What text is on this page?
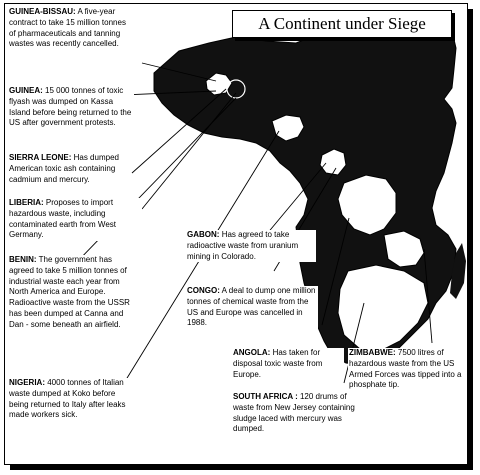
A Continent under Siege
GUINEA-BISSAU: A five-year contract to take 15 million tonnes of pharmaceuticals and tanning wastes was recently cancelled.
GUINEA: 15 000 tonnes of toxic flyash was dumped on Kassa Island before being returned to the US after government protests.
SIERRA LEONE: Has dumped American toxic ash containing cadmium and mercury.
LIBERIA: Proposes to import hazardous waste, including contaminated earth from West Germany.
BENIN: The government has agreed to take 5 million tonnes of industrial waste each year from North America and Europe. Radioactive waste from the USSR has been dumped at Canna and Dan - some beneath an airfield.
NIGERIA: 4000 tonnes of Italian waste dumped at Koko before being returned to Italy after leaks made workers sick.
GABON: Has agreed to take radioactive waste from uranium mining in Colorado.
CONGO: A deal to dump one million tonnes of chemical waste from the US and Europe was cancelled in 1988.
ANGOLA: Has taken for disposal toxic waste from Europe.
SOUTH AFRICA : 120 drums of waste from New Jersey containing sludge laced with mercury was dumped.
ZIMBABWE: 7500 litres of hazardous waste from the US Armed Forces was tipped into a phosphate tip.
